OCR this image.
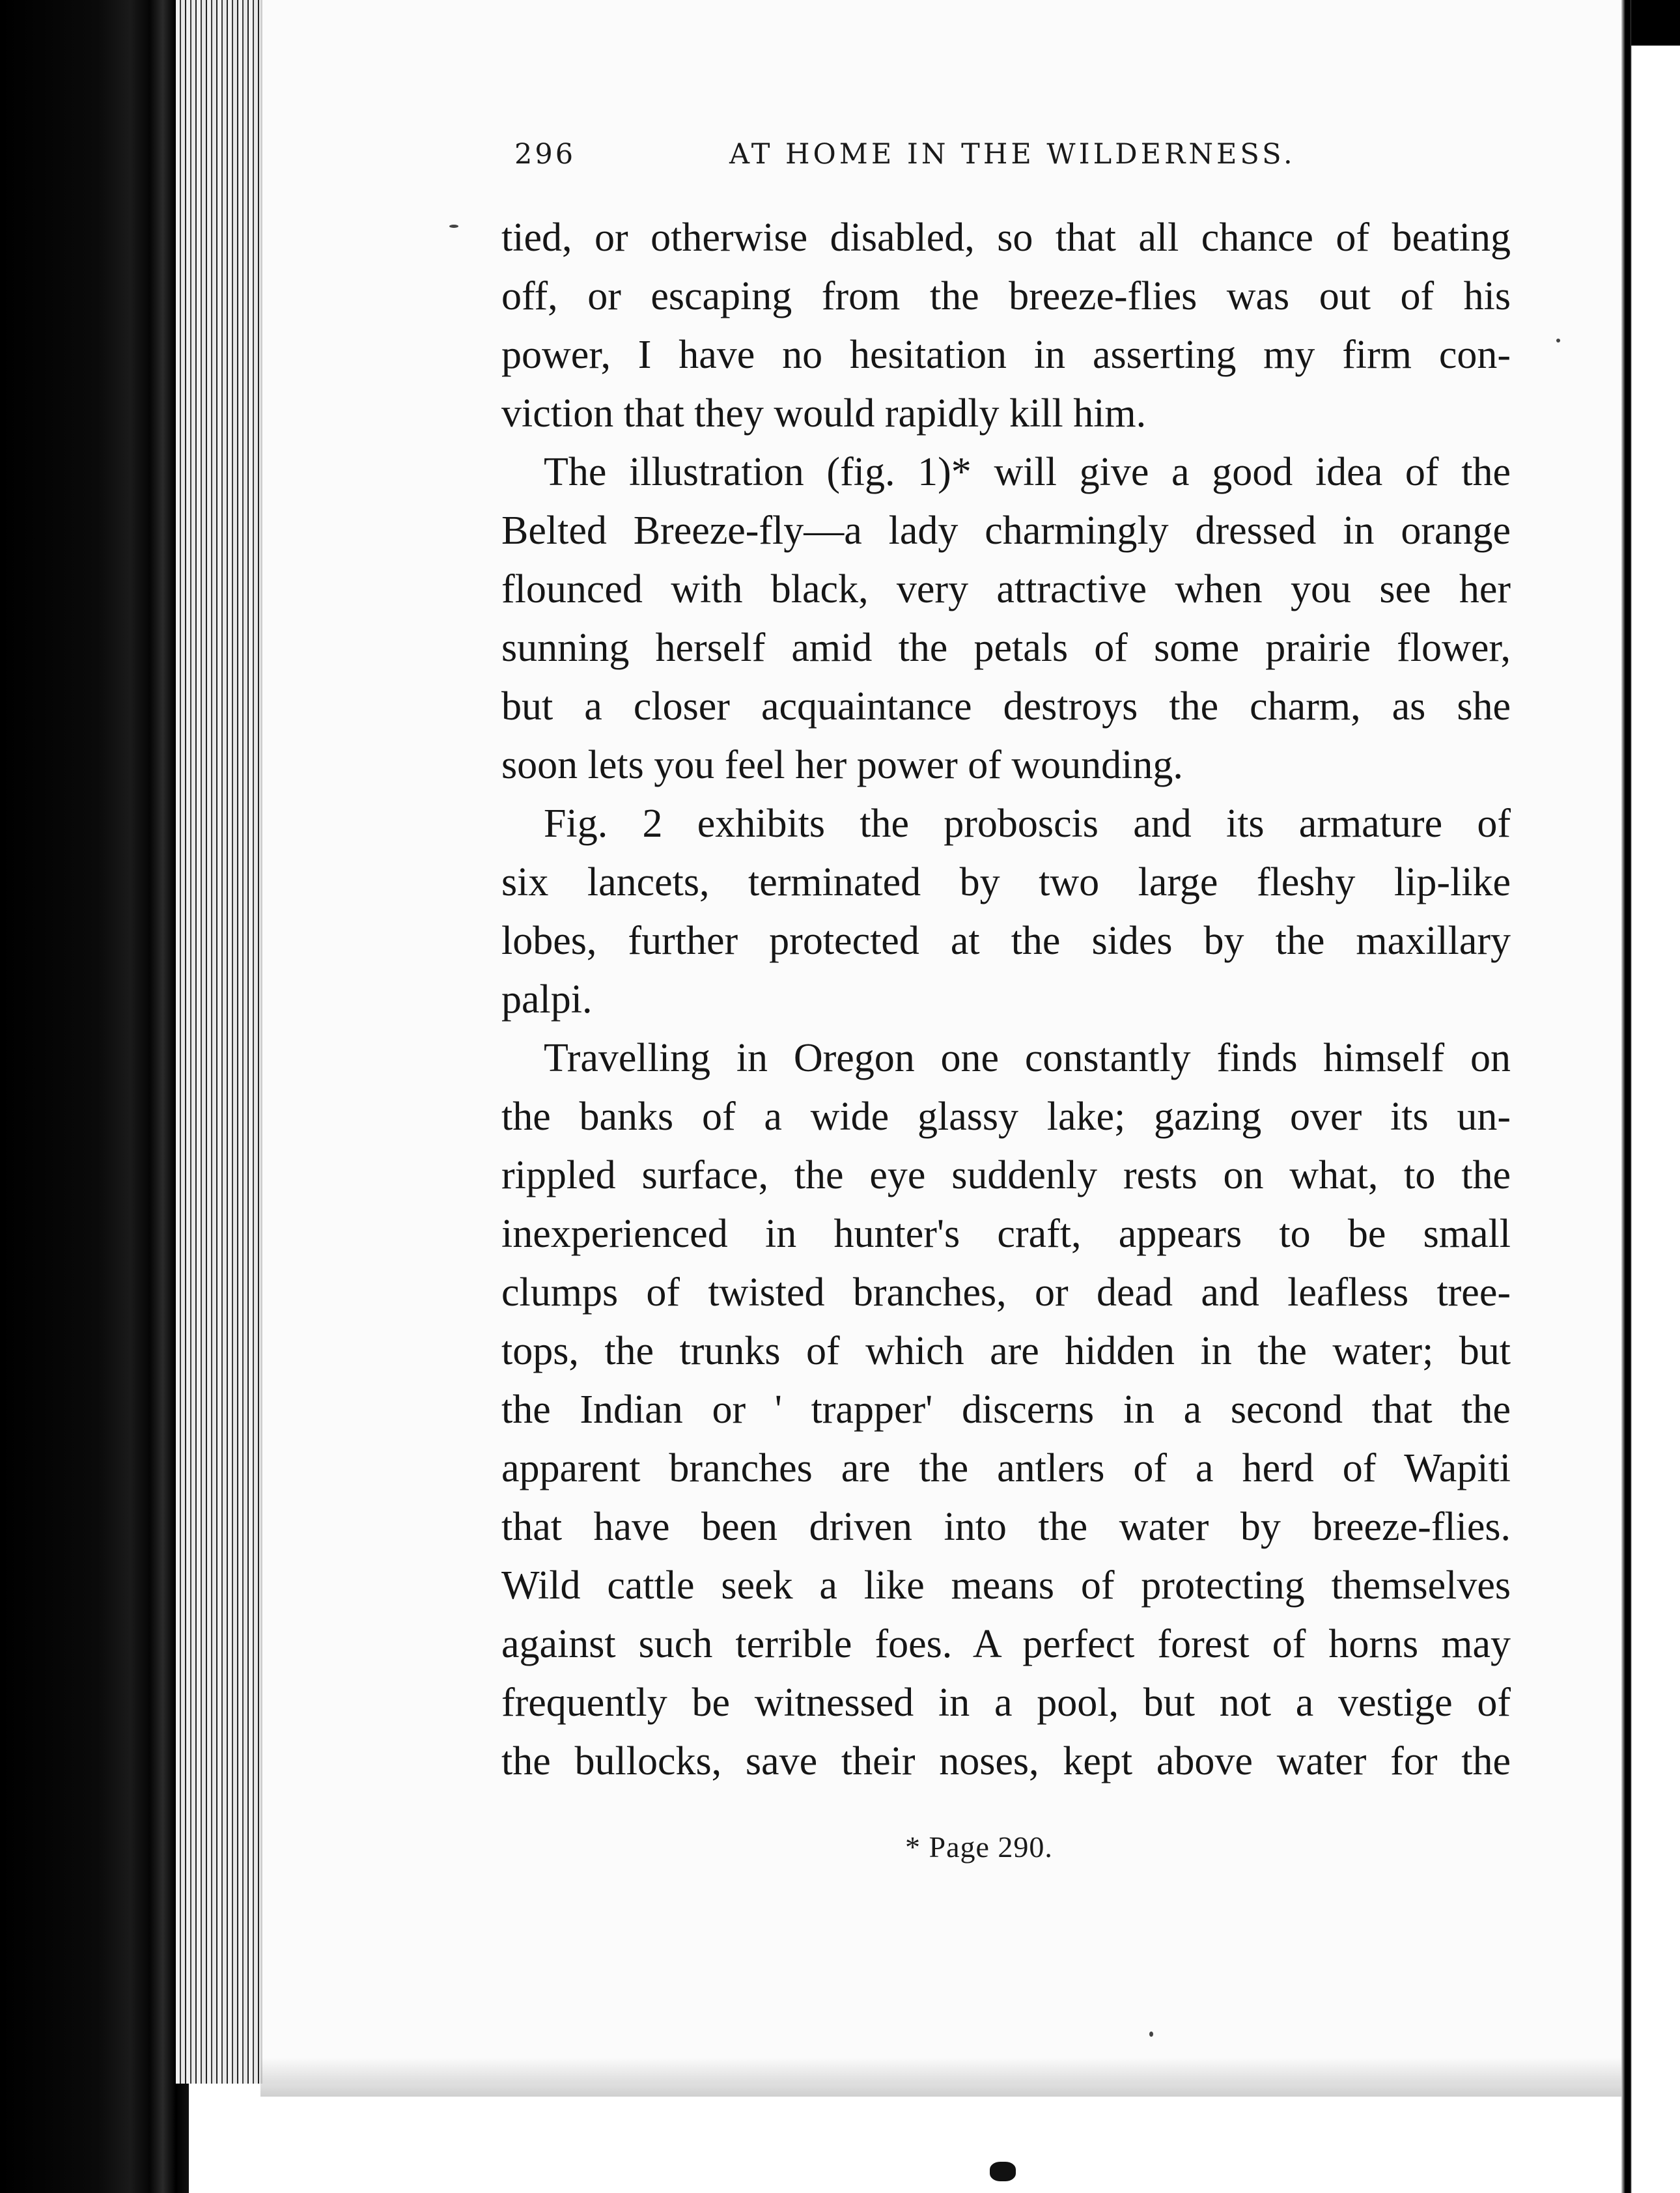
296	AT HOME IN THE WILDERNESS.
tied, or otherwise disabled, so that all chance of beating
off, or escaping from the breeze-flies was out of his
power, I have no hesitation in asserting my firm con-
viction that they would rapidly kill him.
The illustration (fig. 1)* will give a good idea of the
Belted Breeze-fly—a lady charmingly dressed in orange
flounced with black, very attractive when you see her
sunning herself amid the petals of some prairie flower,
but a closer acquaintance destroys the charm, as she
soon lets you feel her power of wounding.
Fig. 2 exhibits the proboscis and its armature of
six lancets, terminated by two large fleshy lip-like
lobes, further protected at the sides by the maxillary
palpi.
Travelling in Oregon one constantly finds himself on
the banks of a wide glassy lake; gazing over its un-
rippled surface, the eye suddenly rests on what, to the
inexperienced in hunter's craft, appears to be small
clumps of twisted branches, or dead and leafless tree-
tops, the trunks of which are hidden in the water; but
the Indian or ' trapper' discerns in a second that the
apparent branches are the antlers of a herd of Wapiti
that have been driven into the water by breeze-flies.
Wild cattle seek a like means of protecting themselves
against such terrible foes. A perfect forest of horns may
frequently be witnessed in a pool, but not a vestige of
the bullocks, save their noses, kept above water for the
* Page 290.
